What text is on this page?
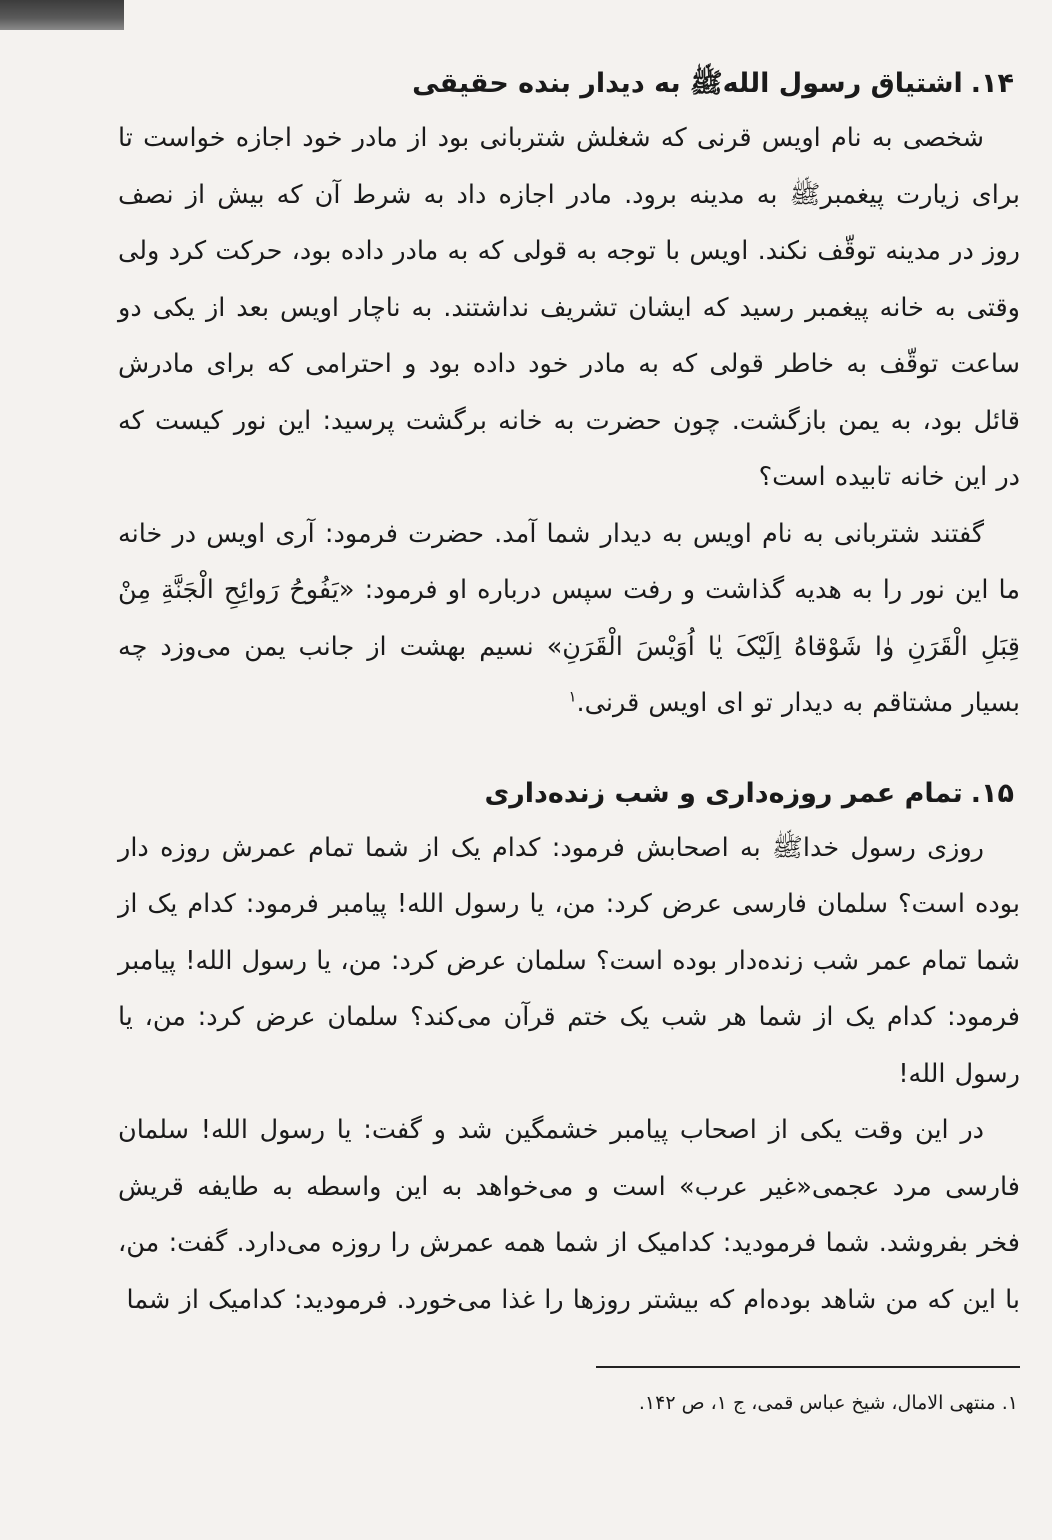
۱۴.اشتیاق رسول الله‌ﷺ به دیدار بنده حقیقی

شخصی به نام اویس قرنی که شغلش شتربانی بود از مادر خود اجازه خواست تا برای زیارت پیغمبرﷺ به مدینه برود. مادر اجازه داد به شرط آن که بیش از نصف روز در مدینه توقّف نکند. اویس با توجه به قولی که به مادر داده بود، حرکت کرد ولی وقتی به خانه پیغمبر رسید که ایشان تشریف نداشتند. به ناچار اویس بعد از یکی دو ساعت توقّف به خاطر قولی که به مادر خود داده بود و احترامی که برای مادرش قائل بود، به یمن بازگشت. چون حضرت به خانه برگشت پرسید: این نور کیست که در این خانه تابیده است؟

گفتند شتربانی به نام اویس به دیدار شما آمد. حضرت فرمود: آری اویس در خانه ما این نور را به هدیه گذاشت و رفت سپس درباره او فرمود: «یَفُوحُ رَوائِحِ الْجَنَّةِ مِنْ قِبَلِ الْقَرَنِ وٰا شَوْقاهُ اِلَیْکَ یٰا اُوَیْسَ الْقَرَنِ» نسیم بهشت از جانب یمن می‌وزد چه بسیار مشتاقم به دیدار تو ای اویس قرنی.$^۱$

۱۵.تمام عمر روزه‌داری و شب زنده‌داری

روزی رسول خداﷺ به اصحابش فرمود: کدام یک از شما تمام عمرش روزه دار بوده است؟ سلمان فارسی عرض کرد: من، یا رسول الله! پیامبر فرمود: کدام یک از شما تمام عمر شب زنده‌دار بوده است؟ سلمان عرض کرد: من، یا رسول الله! پیامبر فرمود: کدام یک از شما هر شب یک ختم قرآن می‌کند؟ سلمان عرض کرد: من، یا رسول الله!

در این وقت یکی از اصحاب پیامبر خشمگین شد و گفت: یا رسول الله! سلمان فارسی مرد عجمی«غیر عرب» است و می‌خواهد به این واسطه به طایفه قریش فخر بفروشد. شما فرمودید: کدامیک از شما همه عمرش را روزه می‌دارد. گفت: من، با این که من شاهد بوده‌ام که بیشتر روزها را غذا می‌خورد. فرمودید: کدامیک از شما

۱. منتهی الامال، شیخ عباس قمی، ج ۱، ص ۱۴۲.
